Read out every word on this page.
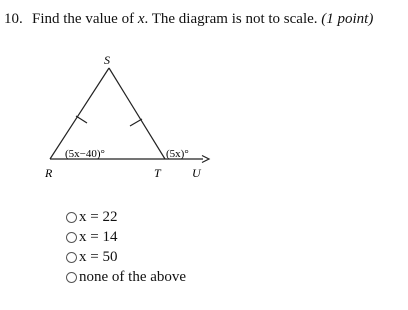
10. Find the value of x. The diagram is not to scale. (1 point)
S
R	T	U
(5x−40)°	(5x)°
x = 22
x = 14
x = 50
none of the above
